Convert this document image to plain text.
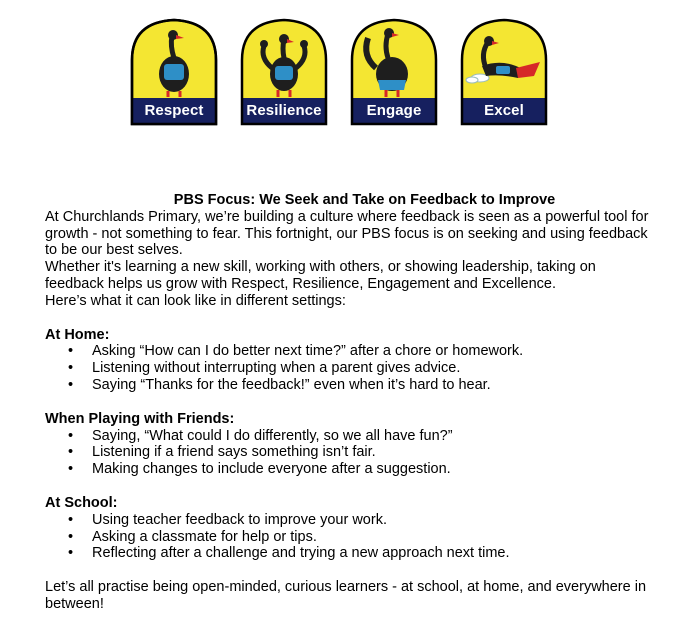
Respect	Resilience	Engage	Excel

PBS Focus: We Seek and Take on Feedback to Improve

At Churchlands Primary, we’re building a culture where feedback is seen as a powerful tool for growth - not something to fear. This fortnight, our PBS focus is on seeking and using feedback to be our best selves.

Whether it's learning a new skill, working with others, or showing leadership, taking on feedback helps us grow with Respect, Resilience, Engagement and Excellence.

Here’s what it can look like in different settings:

At Home:

• Asking “How can I do better next time?” after a chore or homework.
• Listening without interrupting when a parent gives advice.
• Saying “Thanks for the feedback!” even when it’s hard to hear.

When Playing with Friends:

• Saying, “What could I do differently, so we all have fun?”
• Listening if a friend says something isn’t fair.
• Making changes to include everyone after a suggestion.

At School:

• Using teacher feedback to improve your work.
• Asking a classmate for help or tips.
• Reflecting after a challenge and trying a new approach next time.

Let’s all practise being open-minded, curious learners - at school, at home, and everywhere in between!
